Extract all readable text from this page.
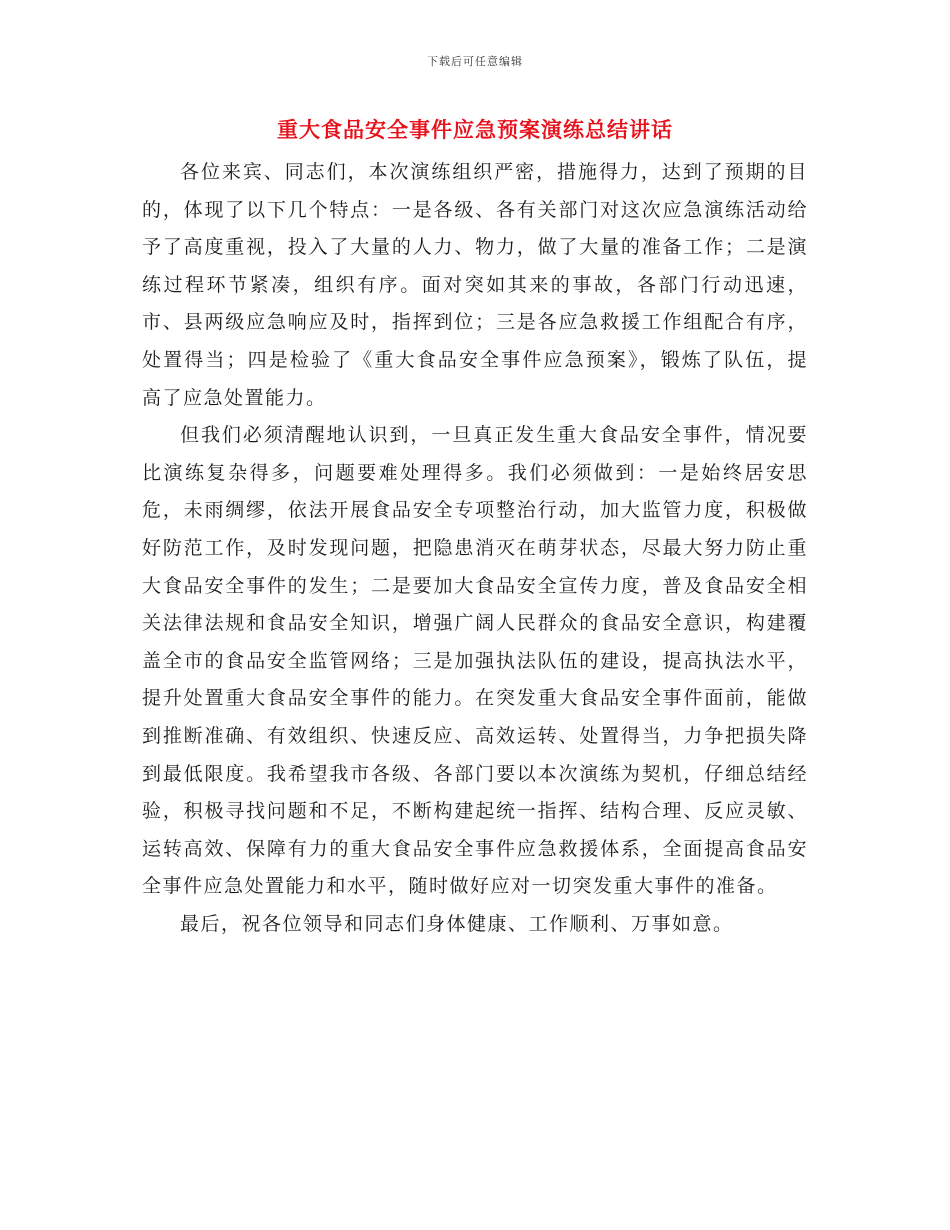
下载后可任意编辑
重大食品安全事件应急预案演练总结讲话

各位来宾、同志们，本次演练组织严密，措施得力，达到了预期的目的，体现了以下几个特点：一是各级、各有关部门对这次应急演练活动给予了高度重视，投入了大量的人力、物力，做了大量的准备工作；二是演练过程环节紧凑，组织有序。面对突如其来的事故，各部门行动迅速，市、县两级应急响应及时，指挥到位；三是各应急救援工作组配合有序，处置得当；四是检验了《重大食品安全事件应急预案》，锻炼了队伍，提高了应急处置能力。

但我们必须清醒地认识到，一旦真正发生重大食品安全事件，情况要比演练复杂得多，问题要难处理得多。我们必须做到：一是始终居安思危，未雨绸缪，依法开展食品安全专项整治行动，加大监管力度，积极做好防范工作，及时发现问题，把隐患消灭在萌芽状态，尽最大努力防止重大食品安全事件的发生；二是要加大食品安全宣传力度，普及食品安全相关法律法规和食品安全知识，增强广阔人民群众的食品安全意识，构建覆盖全市的食品安全监管网络；三是加强执法队伍的建设，提高执法水平，提升处置重大食品安全事件的能力。在突发重大食品安全事件面前，能做到推断准确、有效组织、快速反应、高效运转、处置得当，力争把损失降到最低限度。我希望我市各级、各部门要以本次演练为契机，仔细总结经验，积极寻找问题和不足，不断构建起统一指挥、结构合理、反应灵敏、运转高效、保障有力的重大食品安全事件应急救援体系，全面提高食品安全事件应急处置能力和水平，随时做好应对一切突发重大事件的准备。

最后，祝各位领导和同志们身体健康、工作顺利、万事如意。
